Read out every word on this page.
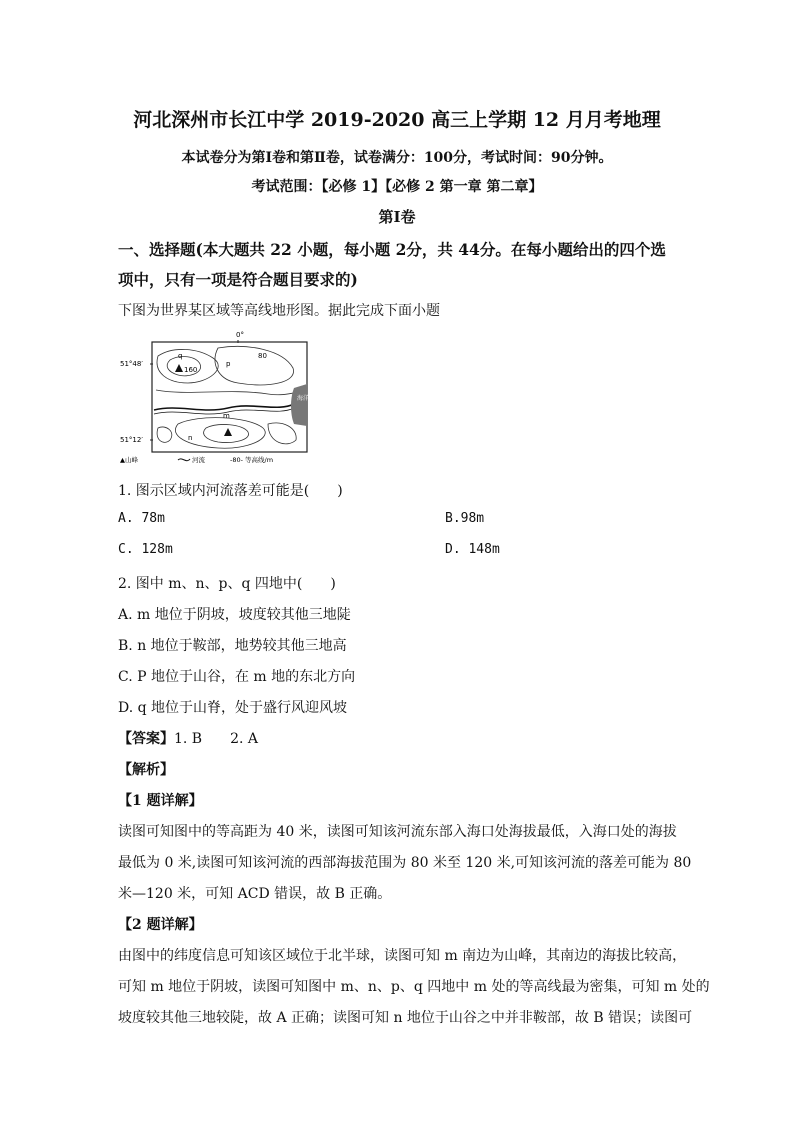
河北深州市长江中学 2019-2020 高三上学期 12 月月考地理
本试卷分为第Ⅰ卷和第Ⅱ卷，试卷满分：100分，考试时间：90分钟。
考试范围：【必修 1】【必修 2 第一章 第二章】
第Ⅰ卷
一、选择题(本大题共 22 小题，每小题 2分，共 44分。在每小题给出的四个选
项中，只有一项是符合题目要求的)
下图为世界某区域等高线地形图。据此完成下面小题
0°
51°48′
51°12′
海洋
160
80
p
q
m
n
▲山峰	河流	-80- 等高线/m
1. 图示区域内河流落差可能是(　　)
A. 78m	B.98m
C. 128m	D. 148m
2. 图中 m、n、p、q 四地中(　　)
A. m 地位于阴坡，坡度较其他三地陡
B. n 地位于鞍部，地势较其他三地高
C. P 地位于山谷，在 m 地的东北方向
D. q 地位于山脊，处于盛行风迎风坡
【答案】1. B　　2. A
【解析】
【1 题详解】
读图可知图中的等高距为 40 米，读图可知该河流东部入海口处海拔最低，入海口处的海拔
最低为 0 米,读图可知该河流的西部海拔范围为 80 米至 120 米,可知该河流的落差可能为 80
米—120 米，可知 ACD 错误，故 B 正确。
【2 题详解】
由图中的纬度信息可知该区域位于北半球，读图可知 m 南边为山峰，其南边的海拔比较高，
可知 m 地位于阴坡，读图可知图中 m、n、p、q 四地中 m 处的等高线最为密集，可知 m 处的
坡度较其他三地较陡，故 A 正确；读图可知 n 地位于山谷之中并非鞍部，故 B 错误；读图可
